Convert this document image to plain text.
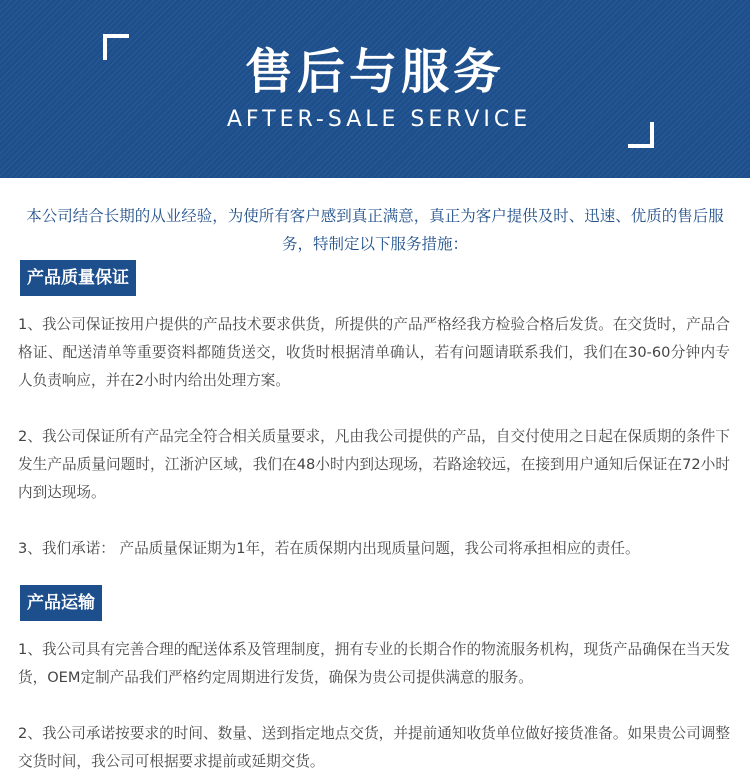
售后与服务
AFTER-SALE SERVICE
本公司结合长期的从业经验，为使所有客户感到真正满意，真正为客户提供及时、迅速、优质的售后服务，特制定以下服务措施：
产品质量保证
1、我公司保证按用户提供的产品技术要求供货，所提供的产品严格经我方检验合格后发货。在交货时，产品合格证、配送清单等重要资料都随货送交，收货时根据清单确认，若有问题请联系我们，我们在30-60分钟内专人负责响应，并在2小时内给出处理方案。
2、我公司保证所有产品完全符合相关质量要求，凡由我公司提供的产品，自交付使用之日起在保质期的条件下发生产品质量问题时，江浙沪区域，我们在48小时内到达现场，若路途较远，在接到用户通知后保证在72小时内到达现场。
3、我们承诺： 产品质量保证期为1年，若在质保期内出现质量问题，我公司将承担相应的责任。
产品运输
1、我公司具有完善合理的配送体系及管理制度，拥有专业的长期合作的物流服务机构，现货产品确保在当天发货，OEM定制产品我们严格约定周期进行发货，确保为贵公司提供满意的服务。
2、我公司承诺按要求的时间、数量、送到指定地点交货，并提前通知收货单位做好接货准备。如果贵公司调整交货时间，我公司可根据要求提前或延期交货。
